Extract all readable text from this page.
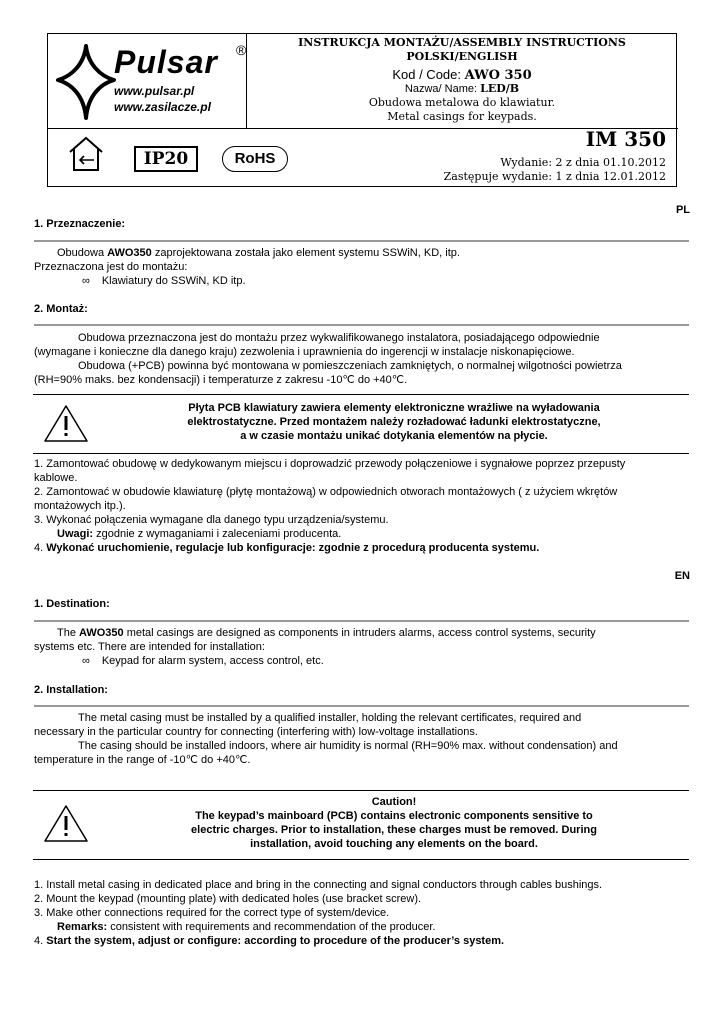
Pulsar ®
www.pulsar.pl
www.zasilacze.pl
INSTRUKCJA MONTAŻU/ASSEMBLY INSTRUCTIONS
POLSKI/ENGLISH
Kod / Code: AWO 350
Nazwa/ Name: LED/B
Obudowa metalowa do klawiatur.
Metal casings for keypads.
IP20	RoHS
IM 350
Wydanie: 2 z dnia 01.10.2012
Zastępuje wydanie: 1 z dnia 12.01.2012
PL
1. Przeznaczenie:
Obudowa AWO350 zaprojektowana została jako element systemu SSWiN, KD, itp.
Przeznaczona jest do montażu:
∞ Klawiatury do SSWiN, KD itp.
2. Montaż:
Obudowa przeznaczona jest do montażu przez wykwalifikowanego instalatora, posiadającego odpowiednie
(wymagane i konieczne dla danego kraju) zezwolenia i uprawnienia do ingerencji w instalacje niskonapięciowe.
Obudowa (+PCB) powinna być montowana w pomieszczeniach zamkniętych, o normalnej wilgotności powietrza
(RH=90% maks. bez kondensacji) i temperaturze z zakresu -10℃ do +40℃.
Płyta PCB klawiatury zawiera elementy elektroniczne wrażliwe na wyładowania
elektrostatyczne. Przed montażem należy rozładować ładunki elektrostatyczne,
a w czasie montażu unikać dotykania elementów na płycie.
1. Zamontować obudowę w dedykowanym miejscu i doprowadzić przewody połączeniowe i sygnałowe poprzez przepusty
kablowe.
2. Zamontować w obudowie klawiaturę (płytę montażową) w odpowiednich otworach montażowych ( z użyciem wkrętów
montażowych itp.).
3. Wykonać połączenia wymagane dla danego typu urządzenia/systemu.
Uwagi: zgodnie z wymaganiami i zaleceniami producenta.
4. Wykonać uruchomienie, regulacje lub konfiguracje: zgodnie z procedurą producenta systemu.
EN
1. Destination:
The AWO350 metal casings are designed as components in intruders alarms, access control systems, security
systems etc. There are intended for installation:
∞ Keypad for alarm system, access control, etc.
2. Installation:
The metal casing must be installed by a qualified installer, holding the relevant certificates, required and
necessary in the particular country for connecting (interfering with) low-voltage installations.
The casing should be installed indoors, where air humidity is normal (RH=90% max. without condensation) and
temperature in the range of -10℃ do +40℃.
Caution!
The keypad’s mainboard (PCB) contains electronic components sensitive to
electric charges. Prior to installation, these charges must be removed. During
installation, avoid touching any elements on the board.
1. Install metal casing in dedicated place and bring in the connecting and signal conductors through cables bushings.
2. Mount the keypad (mounting plate) with dedicated holes (use bracket screw).
3. Make other connections required for the correct type of system/device.
Remarks: consistent with requirements and recommendation of the producer.
4. Start the system, adjust or configure: according to procedure of the producer’s system.
